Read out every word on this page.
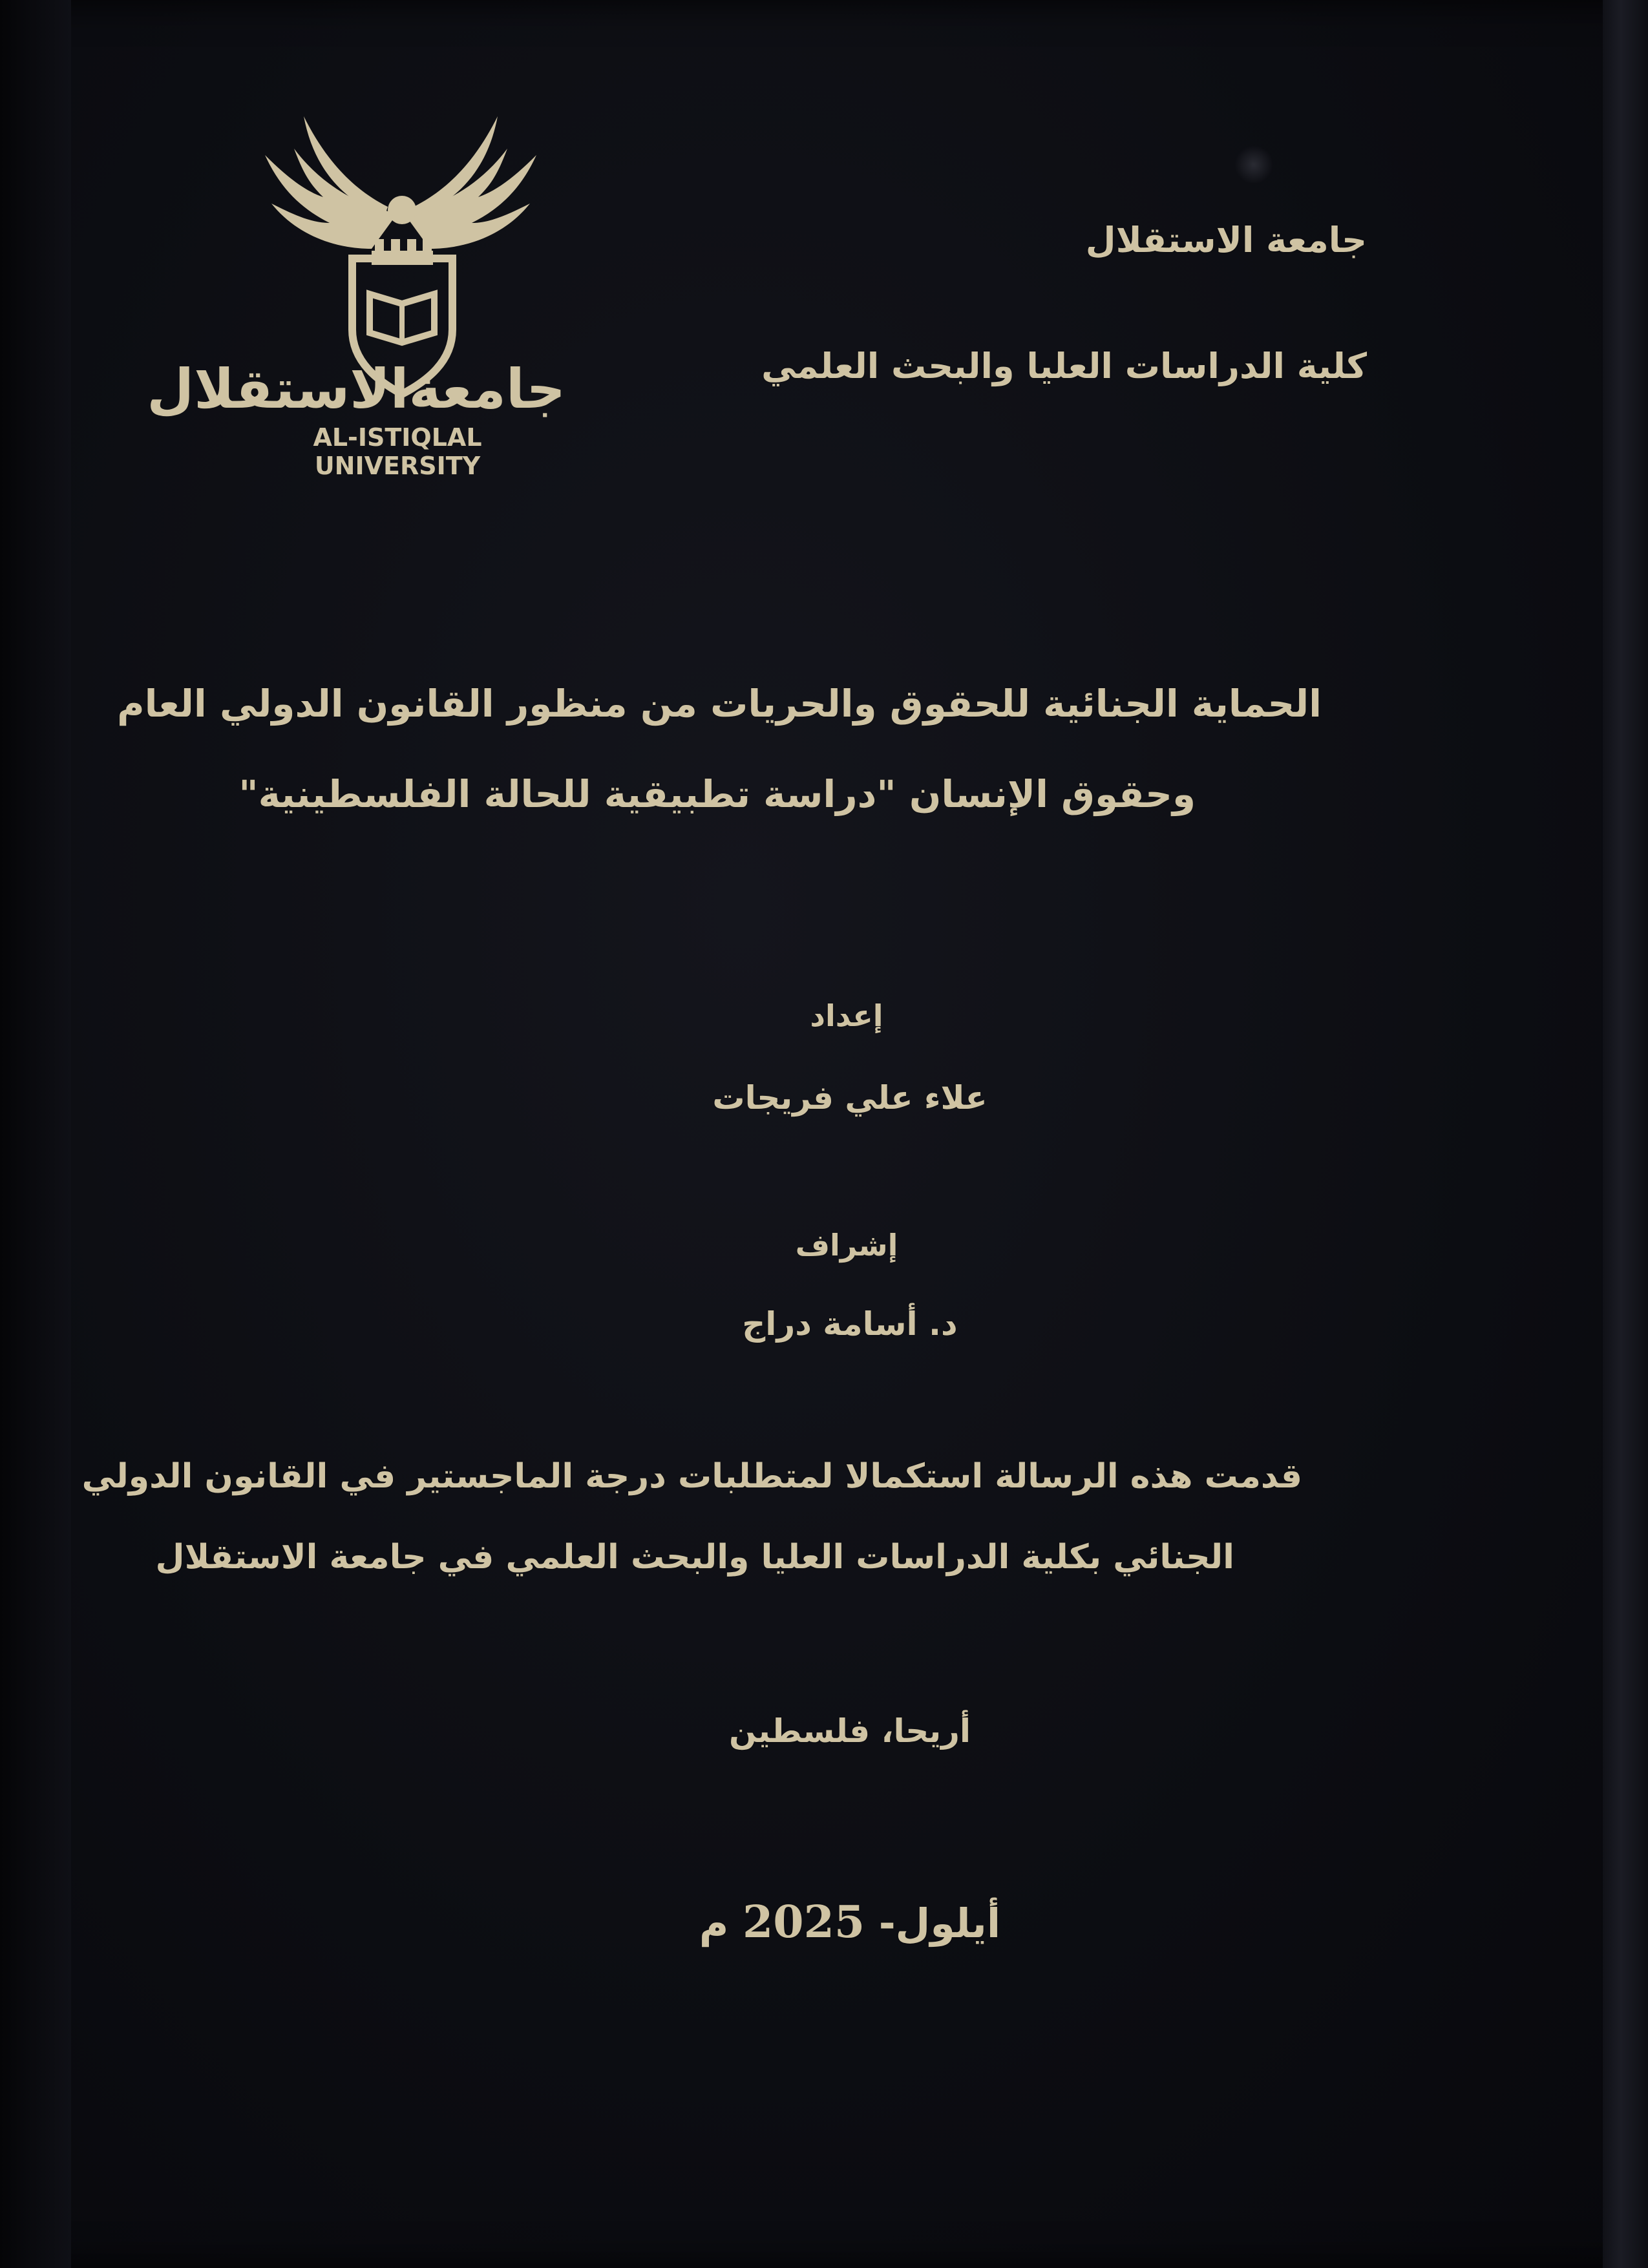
جامعةالاستقلال
AL-ISTIQLAL UNIVERSITY
جامعة الاستقلال
كلية الدراسات العليا والبحث العلمي
الحماية الجنائية للحقوق والحريات من منظور القانون الدولي العام
وحقوق الإنسان "دراسة تطبيقية للحالة الفلسطينية"
إعداد
علاء علي فريجات
إشراف
د. أسامة دراج
قدمت هذه الرسالة استكمالا لمتطلبات درجة الماجستير في القانون الدولي
الجنائي بكلية الدراسات العليا والبحث العلمي في جامعة الاستقلال
أريحا، فلسطين
أيلول- 2025 م
